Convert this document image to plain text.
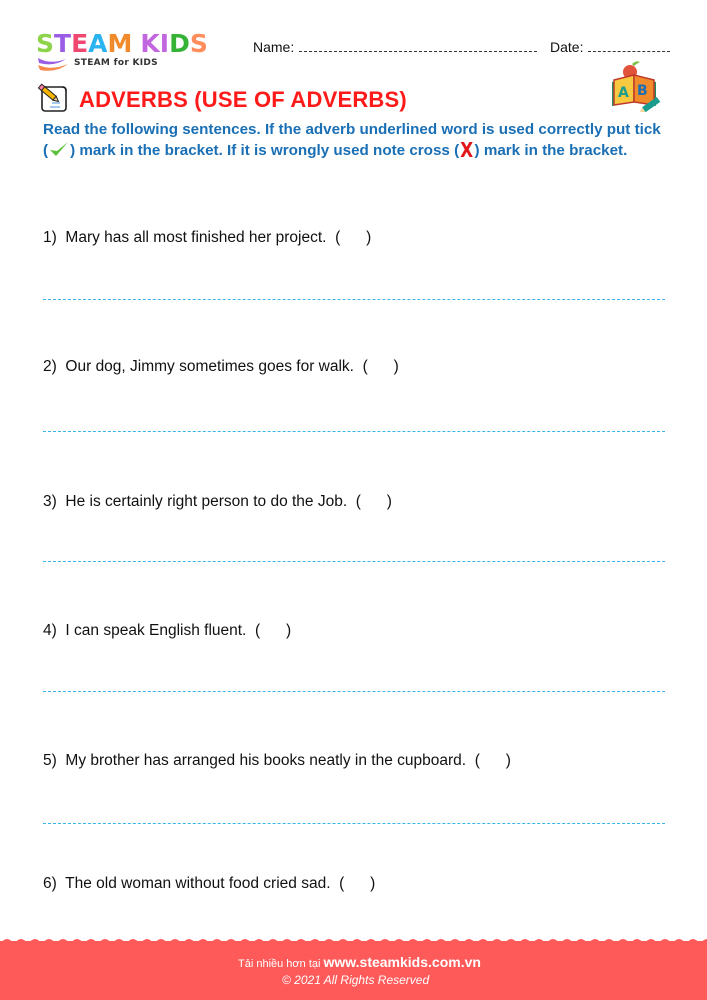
STEAM KIDS
STEAM for KIDS
Name:	Date:
ADVERBS (USE OF ADVERBS)	A B
Read the following sentences. If the adverb underlined word is used correctly put tick ( ) mark in the bracket. If it is wrongly used note cross (X) mark in the bracket.
1) Mary has all most finished her project. (      )
2) Our dog, Jimmy sometimes goes for walk. (      )
3) He is certainly right person to do the Job. (      )
4) I can speak English fluent. (      )
5) My brother has arranged his books neatly in the cupboard. (      )
6) The old woman without food cried sad. (      )
Tải nhiều hơn tại www.steamkids.com.vn
© 2021 All Rights Reserved
